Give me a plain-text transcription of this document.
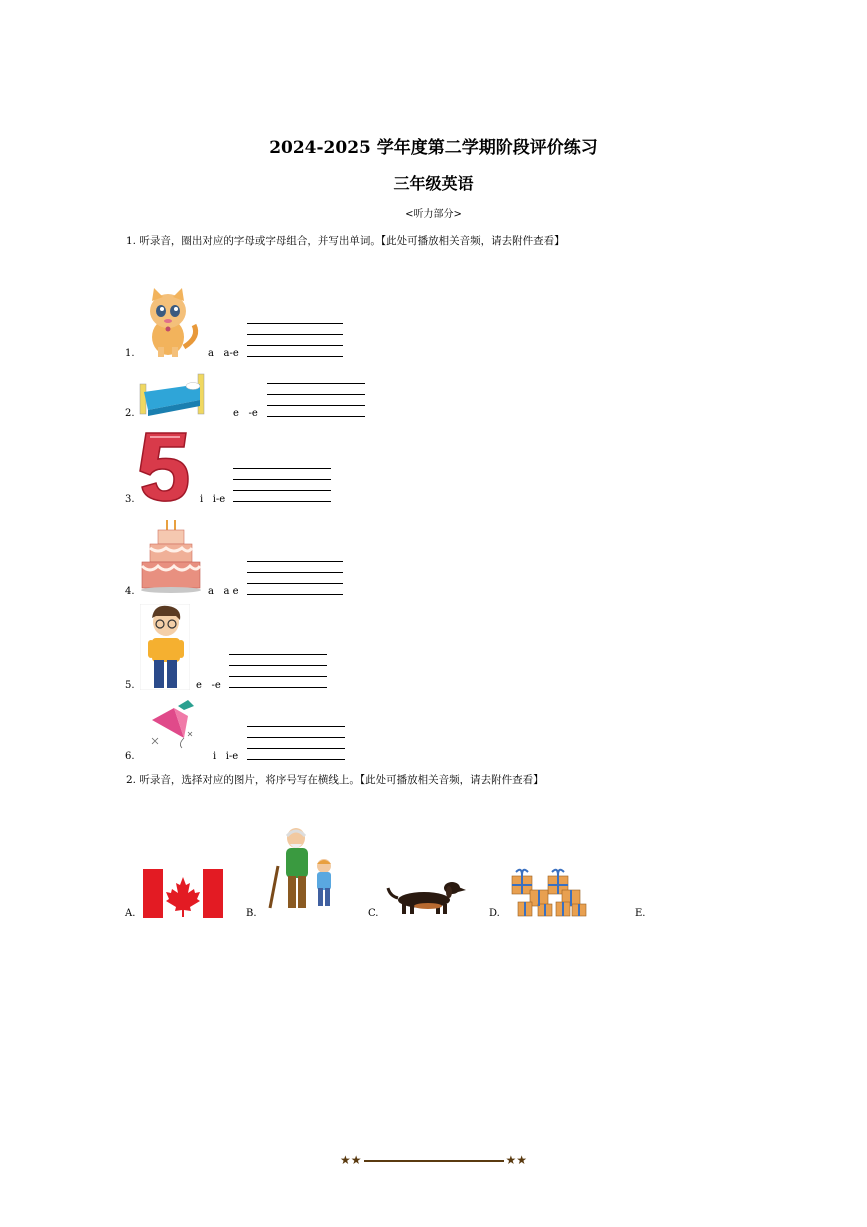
2024-2025 学年度第二学期阶段评价练习
三年级英语
<听力部分>
1. 听录音，圈出对应的字母或字母组合，并写出单词。【此处可播放相关音频，请去附件查看】
1.	a   a-e
2.	e   -e
3.	i   i-e
4.	a   a e
5.	e   -e
6.	i   i-e
2. 听录音，选择对应的图片，将序号写在横线上。【此处可播放相关音频，请去附件查看】
A.	B.	C.	D.	E.
★★	★★
